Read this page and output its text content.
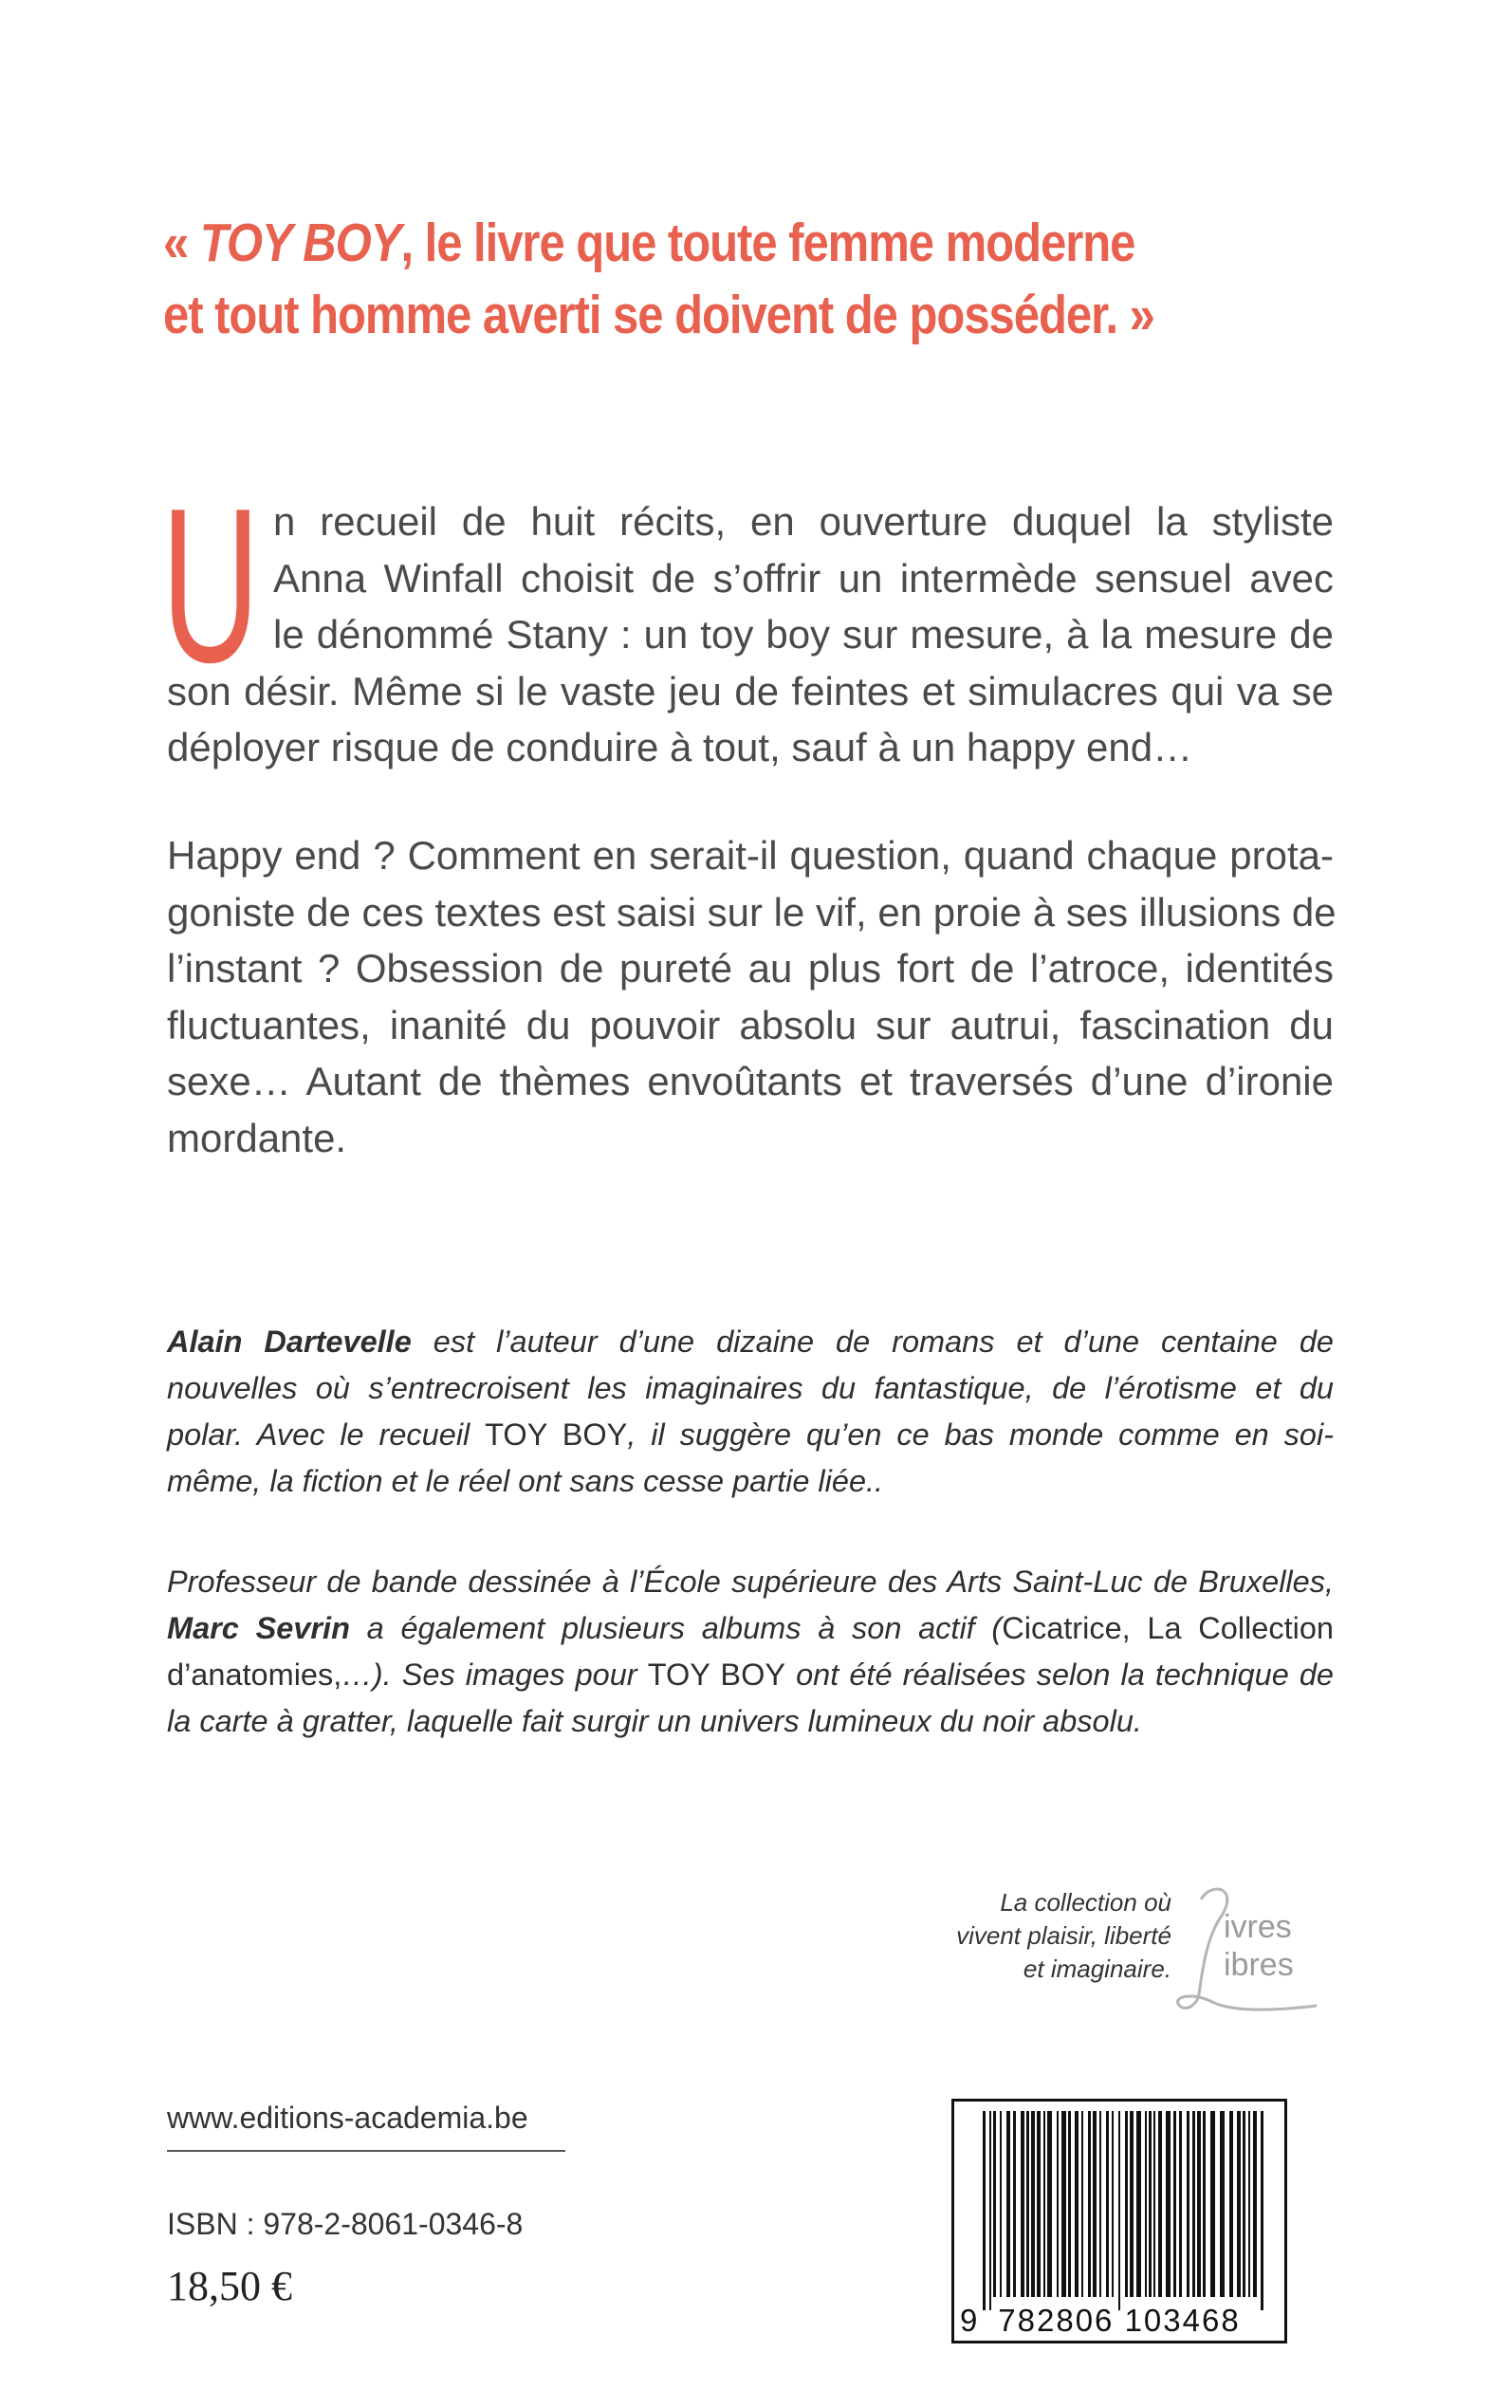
« TOY BOY, le livre que toute femme moderne
et tout homme averti se doivent de posséder. »
U n recueil de huit récits, en ouverture duquel la styliste
Anna Winfall choisit de s’offrir un intermède sensuel avec
le dénommé Stany : un toy boy sur mesure, à la mesure de
son désir. Même si le vaste jeu de feintes et simulacres qui va se
déployer risque de conduire à tout, sauf à un happy end…
Happy end ? Comment en serait-il question, quand chaque prota-
goniste de ces textes est saisi sur le vif, en proie à ses illusions de
l’instant ? Obsession de pureté au plus fort de l’atroce, identités
fluctuantes, inanité du pouvoir absolu sur autrui, fascination du
sexe… Autant de thèmes envoûtants et traversés d’une d’ironie
mordante.
Alain Dartevelle est l’auteur d’une dizaine de romans et d’une centaine de
nouvelles où s’entrecroisent les imaginaires du fantastique, de l’érotisme et du
polar. Avec le recueil TOY BOY, il suggère qu’en ce bas monde comme en soi-
même, la fiction et le réel ont sans cesse partie liée..
Professeur de bande dessinée à l’École supérieure des Arts Saint-Luc de Bruxelles,
Marc Sevrin a également plusieurs albums à son actif (Cicatrice, La Collection
d’anatomies,…). Ses images pour TOY BOY ont été réalisées selon la technique de
la carte à gratter, laquelle fait surgir un univers lumineux du noir absolu.
La collection où
vivent plaisir, liberté
et imaginaire.
ivres
ibres
www.editions-academia.be
ISBN : 978-2-8061-0346-8
18,50 €
9 782806 103468
